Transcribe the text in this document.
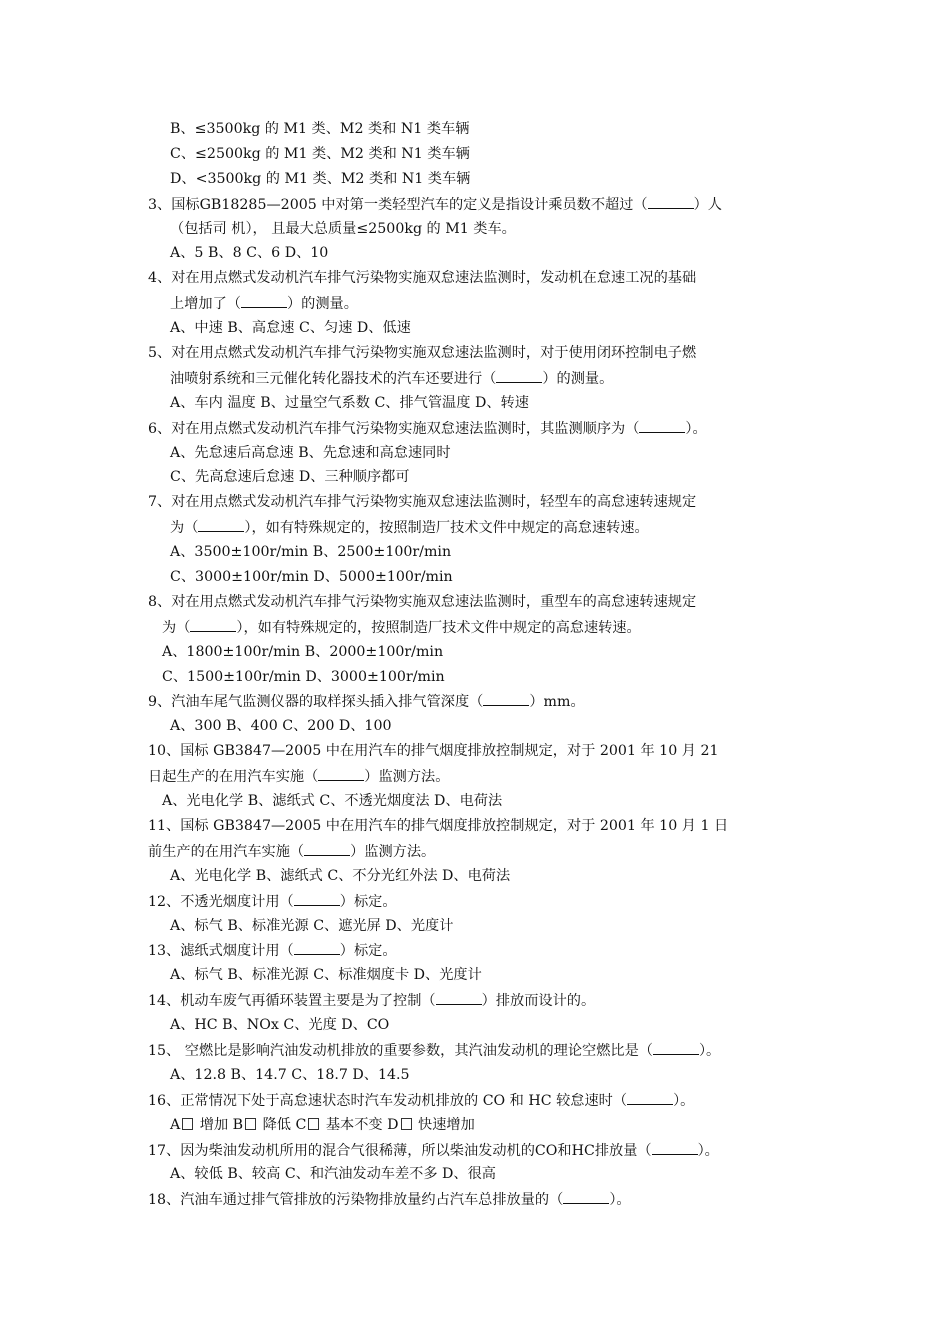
B、≤3500kg 的 M1 类、M2 类和 N1 类车辆
C、≤2500kg 的 M1 类、M2 类和 N1 类车辆
D、<3500kg 的 M1 类、M2 类和 N1 类车辆
3、国标GB18285—2005 中对第一类轻型汽车的定义是指设计乘员数不超过（	）人
（包括司 机）， 且最大总质量≤2500kg 的 M1 类车。
A、5 B、8 C、6 D、10
4、对在用点燃式发动机汽车排气污染物实施双怠速法监测时，发动机在怠速工况的基础
上增加了（	）的测量。
A、中速 B、高怠速 C、匀速 D、低速
5、对在用点燃式发动机汽车排气污染物实施双怠速法监测时，对于使用闭环控制电子燃
油喷射系统和三元催化转化器技术的汽车还要进行（	）的测量。
A、车内 温度 B、过量空气系数 C、排气管温度 D、转速
6、对在用点燃式发动机汽车排气污染物实施双怠速法监测时，其监测顺序为（	）。
A、先怠速后高怠速 B、先怠速和高怠速同时
C、先高怠速后怠速 D、三种顺序都可
7、对在用点燃式发动机汽车排气污染物实施双怠速法监测时，轻型车的高怠速转速规定
为（	），如有特殊规定的，按照制造厂技术文件中规定的高怠速转速。
A、3500±100r/min B、2500±100r/min
C、3000±100r/min D、5000±100r/min
8、对在用点燃式发动机汽车排气污染物实施双怠速法监测时，重型车的高怠速转速规定
为（	），如有特殊规定的，按照制造厂技术文件中规定的高怠速转速。
A、1800±100r/min B、2000±100r/min
C、1500±100r/min D、3000±100r/min
9、汽油车尾气监测仪器的取样探头插入排气管深度（	）mm。
A、300 B、400 C、200 D、100
10、国标 GB3847—2005 中在用汽车的排气烟度排放控制规定，对于 2001 年 10 月 21
日起生产的在用汽车实施（	）监测方法。
A、光电化学 B、滤纸式 C、不透光烟度法 D、电荷法
11、国标 GB3847—2005 中在用汽车的排气烟度排放控制规定，对于 2001 年 10 月 1 日
前生产的在用汽车实施（	）监测方法。
A、光电化学 B、滤纸式 C、不分光红外法 D、电荷法
12、不透光烟度计用（	）标定。
A、标气 B、标准光源 C、遮光屏 D、光度计
13、滤纸式烟度计用（	）标定。
A、标气 B、标准光源 C、标准烟度卡 D、光度计
14、机动车废气再循环装置主要是为了控制（	）排放而设计的。
A、HC B、NOx C、光度 D、CO
15、 空燃比是影响汽油发动机排放的重要参数，其汽油发动机的理论空燃比是（	）。
A、12.8 B、14.7 C、18.7 D、14.5
16、正常情况下处于高怠速状态时汽车发动机排放的 CO 和 HC 较怠速时（	）。
A 增加 B 降低 C 基本不变 D 快速增加
17、因为柴油发动机所用的混合气很稀薄，所以柴油发动机的CO和HC排放量（	）。
A、较低 B、较高 C、和汽油发动车差不多 D、很高
18、汽油车通过排气管排放的污染物排放量约占汽车总排放量的（	）。
